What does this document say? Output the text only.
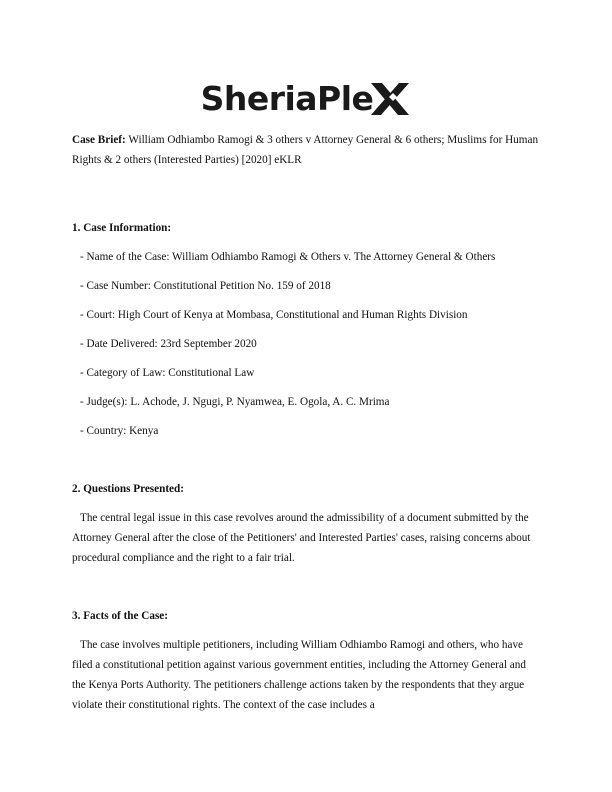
SheriaPle

Case Brief: William Odhiambo Ramogi & 3 others v Attorney General & 6 others; Muslims for Human Rights & 2 others (Interested Parties) [2020] eKLR

1. Case Information:

- Name of the Case: William Odhiambo Ramogi & Others v. The Attorney General & Others

- Case Number: Constitutional Petition No. 159 of 2018

- Court: High Court of Kenya at Mombasa, Constitutional and Human Rights Division

- Date Delivered: 23rd September 2020

- Category of Law: Constitutional Law

- Judge(s): L. Achode, J. Ngugi, P. Nyamwea, E. Ogola, A. C. Mrima

- Country: Kenya

2. Questions Presented:

The central legal issue in this case revolves around the admissibility of a document submitted by the Attorney General after the close of the Petitioners' and Interested Parties' cases, raising concerns about procedural compliance and the right to a fair trial.

3. Facts of the Case:

The case involves multiple petitioners, including William Odhiambo Ramogi and others, who have filed a constitutional petition against various government entities, including the Attorney General and the Kenya Ports Authority. The petitioners challenge actions taken by the respondents that they argue violate their constitutional rights. The context of the case includes a
